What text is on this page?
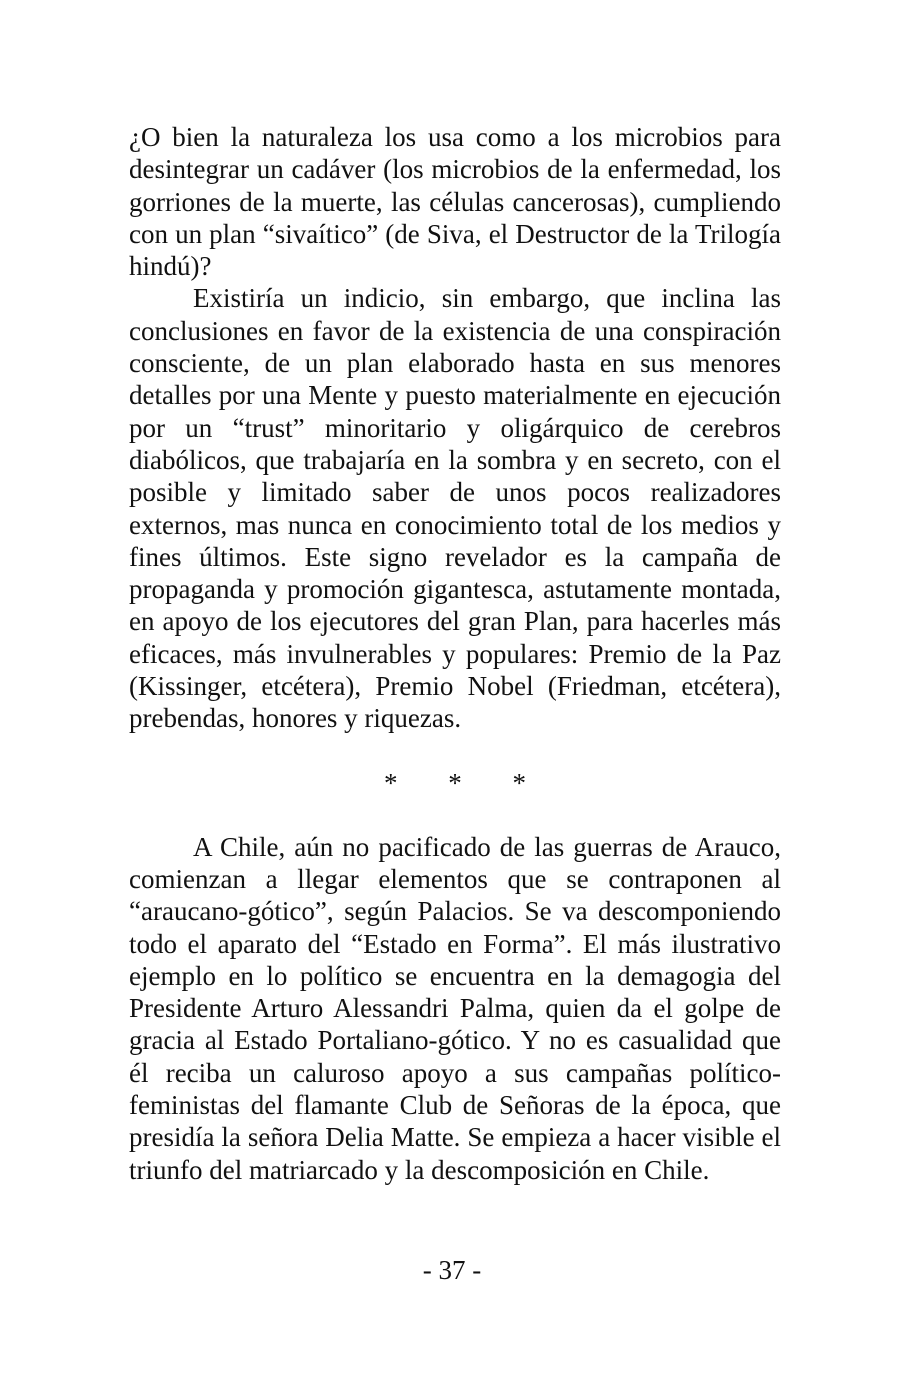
¿O bien la naturaleza los usa como a los microbios para desintegrar un cadáver (los microbios de la enfermedad, los gorriones de la muerte, las células cancerosas), cumpliendo con un plan “sivaítico” (de Siva, el Destructor de la Trilogía hindú)?

Existiría un indicio, sin embargo, que inclina las conclusiones en favor de la existencia de una conspiración consciente, de un plan elaborado hasta en sus menores detalles por una Mente y puesto materialmente en ejecución por un “trust” minoritario y oligárquico de cerebros diabólicos, que trabajaría en la sombra y en secreto, con el posible y limitado saber de unos pocos realizadores externos, mas nunca en conocimiento total de los medios y fines últimos. Este signo revelador es la campaña de propaganda y promoción gigantesca, astutamente montada, en apoyo de los ejecutores del gran Plan, para hacerles más eficaces, más invulnerables y populares: Premio de la Paz (Kissinger, etcétera), Premio Nobel (Friedman, etcétera), prebendas, honores y riquezas.

* * *

A Chile, aún no pacificado de las guerras de Arauco, comienzan a llegar elementos que se contraponen al “araucano-gótico”, según Palacios. Se va descomponiendo todo el aparato del “Estado en Forma”. El más ilustrativo ejemplo en lo político se encuentra en la demagogia del Presidente Arturo Alessandri Palma, quien da el golpe de gracia al Estado Portaliano-gótico. Y no es casualidad que él reciba un caluroso apoyo a sus campañas político-feministas del flamante Club de Señoras de la época, que presidía la señora Delia Matte. Se empieza a hacer visible el triunfo del matriarcado y la descomposición en Chile.

- 37 -
